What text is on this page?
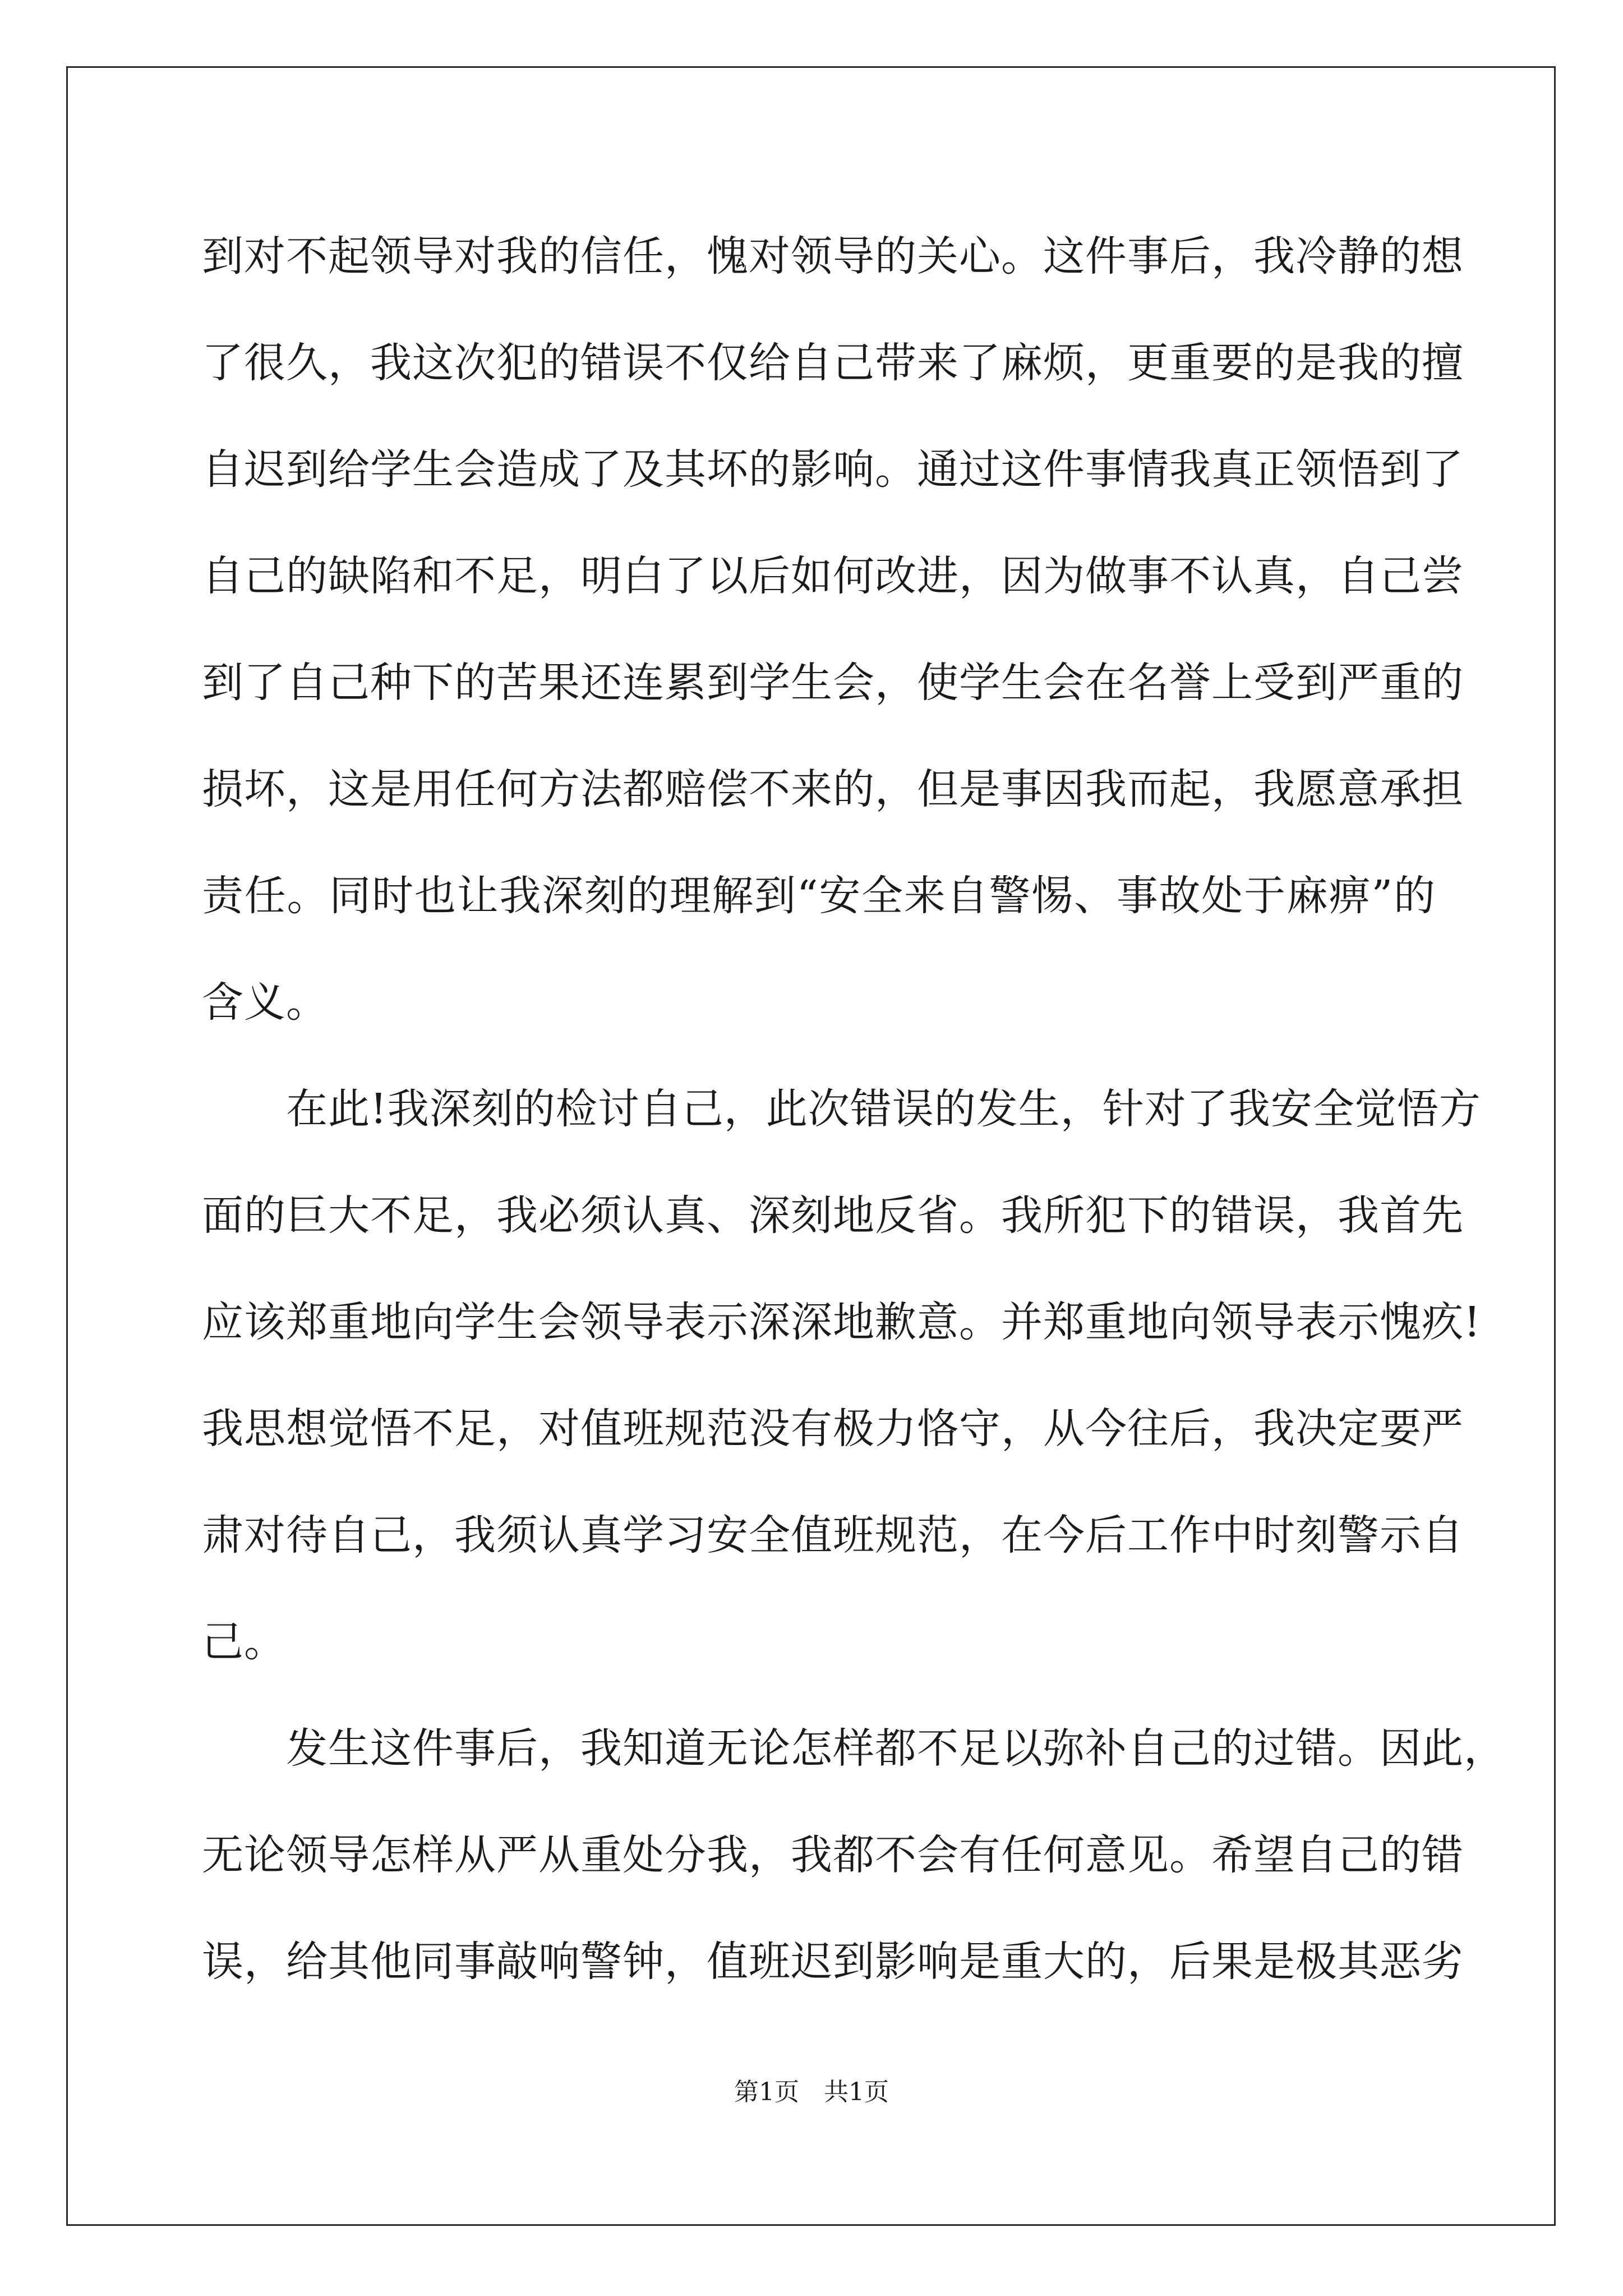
到对不起领导对我的信任，愧对领导的关心。这件事后，我冷静的想
了很久，我这次犯的错误不仅给自己带来了麻烦，更重要的是我的擅
自迟到给学生会造成了及其坏的影响。通过这件事情我真正领悟到了
自己的缺陷和不足，明白了以后如何改进，因为做事不认真，自己尝
到了自己种下的苦果还连累到学生会，使学生会在名誉上受到严重的
损坏，这是用任何方法都赔偿不来的，但是事因我而起，我愿意承担
责任。同时也让我深刻的理解到“安全来自警惕、事故处于麻痹”的
含义。
在此!我深刻的检讨自己，此次错误的发生，针对了我安全觉悟方
面的巨大不足，我必须认真、深刻地反省。我所犯下的错误，我首先
应该郑重地向学生会领导表示深深地歉意。并郑重地向领导表示愧疚!
我思想觉悟不足，对值班规范没有极力恪守，从今往后，我决定要严
肃对待自己，我须认真学习安全值班规范，在今后工作中时刻警示自
己。
发生这件事后，我知道无论怎样都不足以弥补自己的过错。因此，
无论领导怎样从严从重处分我，我都不会有任何意见。希望自己的错
误，给其他同事敲响警钟，值班迟到影响是重大的，后果是极其恶劣
第1页　共1页
